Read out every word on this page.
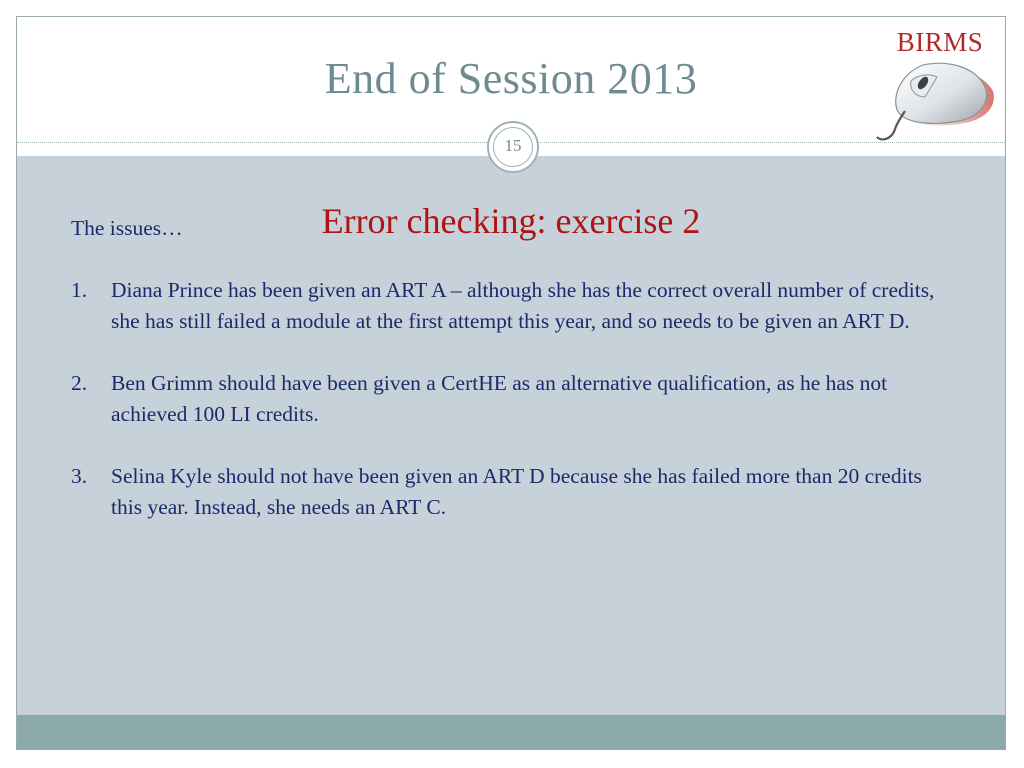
End of Session 2013
BIRMS
Error checking: exercise 2
15

The issues…

1. Diana Prince has been given an ART A – although she has the correct overall number of credits, she has still failed a module at the first attempt this year, and so needs to be given an ART D.
2. Ben Grimm should have been given a CertHE as an alternative qualification, as he has not achieved 100 LI credits.
3. Selina Kyle should not have been given an ART D because she has failed more than 20 credits this year. Instead, she needs an ART C.
